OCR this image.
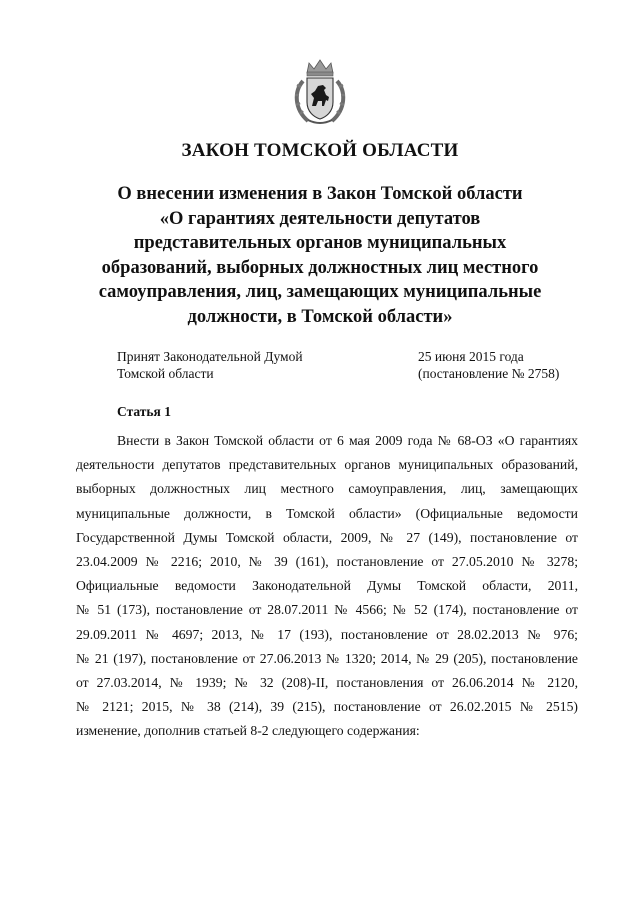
ЗАКОН ТОМСКОЙ ОБЛАСТИ
О внесении изменения в Закон Томской области
«О гарантиях деятельности депутатов
представительных органов муниципальных
образований, выборных должностных лиц местного
самоуправления, лиц, замещающих муниципальные
должности, в Томской области»
Принят Законодательной Думой
Томской области
25 июня 2015 года
(постановление № 2758)
Статья 1
Внести в Закон Томской области от 6 мая 2009 года № 68-ОЗ «О гарантиях
деятельности депутатов представительных органов муниципальных образований,
выборных должностных лиц местного самоуправления, лиц, замещающих
муниципальные должности, в Томской области» (Официальные ведомости
Государственной Думы Томской области, 2009, № 27 (149), постановление от
23.04.2009 № 2216; 2010, № 39 (161), постановление от 27.05.2010 № 3278;
Официальные ведомости Законодательной Думы Томской области, 2011,
№ 51 (173), постановление от 28.07.2011 № 4566; № 52 (174), постановление от
29.09.2011 № 4697; 2013, № 17 (193), постановление от 28.02.2013 № 976;
№ 21 (197), постановление от 27.06.2013 № 1320; 2014, № 29 (205), постановление
от 27.03.2014, № 1939; № 32 (208)-II, постановления от 26.06.2014 № 2120,
№ 2121; 2015, № 38 (214), 39 (215), постановление от 26.02.2015 № 2515)
изменение, дополнив статьей 8-2 следующего содержания:
